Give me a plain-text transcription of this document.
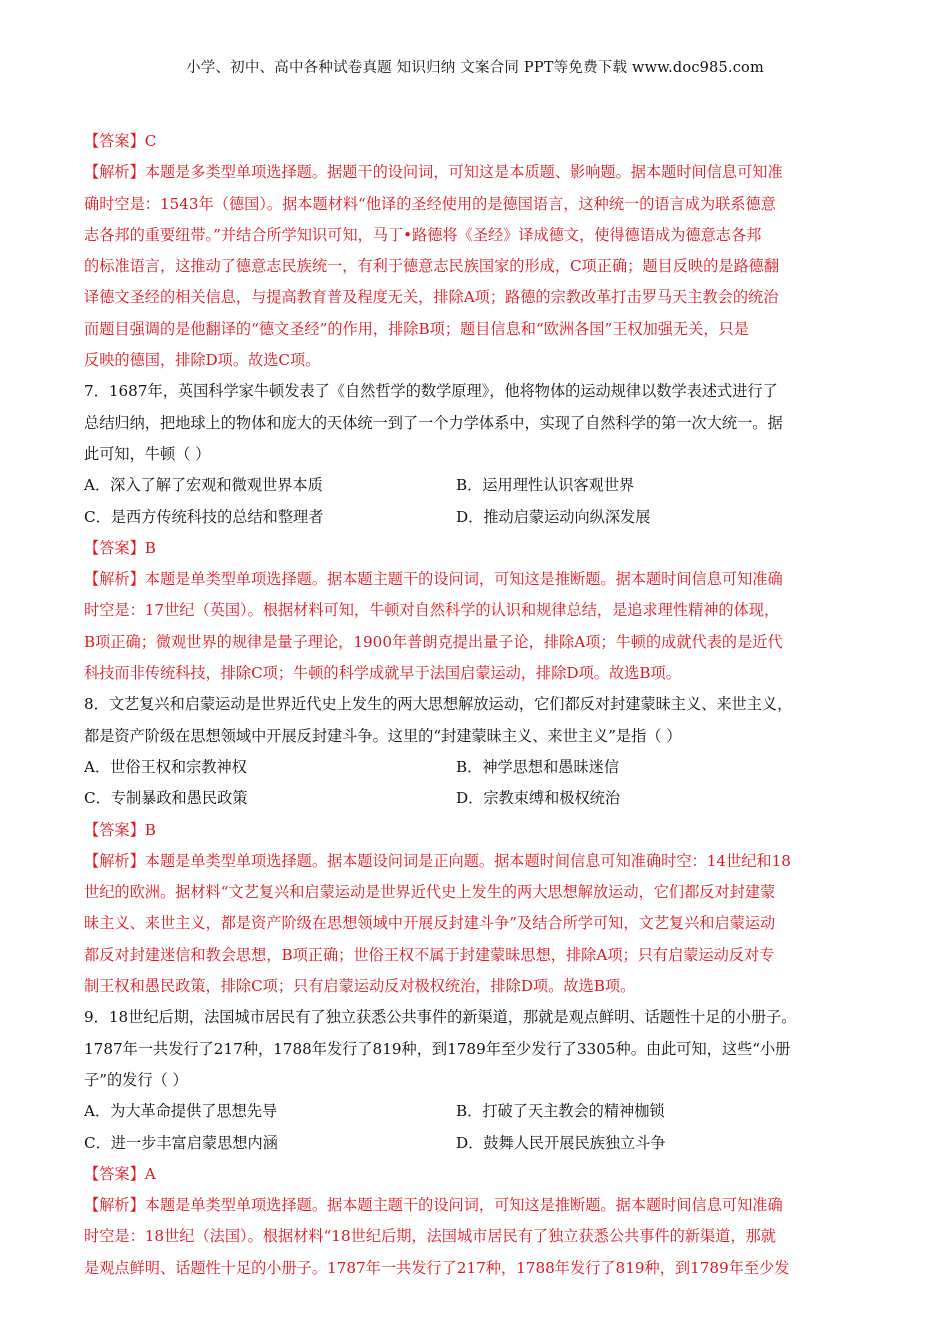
小学、初中、高中各种试卷真题 知识归纳 文案合同 PPT等免费下载 www.doc985.com
【答案】C
【解析】本题是多类型单项选择题。据题干的设问词，可知这是本质题、影响题。据本题时间信息可知准
确时空是：1543年（德国）。据本题材料“他译的圣经使用的是德国语言，这种统一的语言成为联系德意
志各邦的重要纽带。”并结合所学知识可知，马丁•路德将《圣经》译成德文，使得德语成为德意志各邦
的标准语言，这推动了德意志民族统一，有利于德意志民族国家的形成，C项正确；题目反映的是路德翻
译德文圣经的相关信息，与提高教育普及程度无关，排除A项；路德的宗教改革打击罗马天主教会的统治
而题目强调的是他翻译的“德文圣经”的作用，排除B项；题目信息和“欧洲各国”王权加强无关，只是
反映的德国，排除D项。故选C项。
7．1687年，英国科学家牛顿发表了《自然哲学的数学原理》，他将物体的运动规律以数学表述式进行了
总结归纳，把地球上的物体和庞大的天体统一到了一个力学体系中，实现了自然科学的第一次大统一。据
此可知，牛顿（ ）
A．深入了解了宏观和微观世界本质	B．运用理性认识客观世界
C．是西方传统科技的总结和整理者	D．推动启蒙运动向纵深发展
【答案】B
【解析】本题是单类型单项选择题。据本题主题干的设问词，可知这是推断题。据本题时间信息可知准确
时空是：17世纪（英国）。根据材料可知，牛顿对自然科学的认识和规律总结，是追求理性精神的体现，
B项正确；微观世界的规律是量子理论，1900年普朗克提出量子论，排除A项；牛顿的成就代表的是近代
科技而非传统科技，排除C项；牛顿的科学成就早于法国启蒙运动，排除D项。故选B项。
8．文艺复兴和启蒙运动是世界近代史上发生的两大思想解放运动，它们都反对封建蒙昧主义、来世主义，
都是资产阶级在思想领域中开展反封建斗争。这里的“封建蒙昧主义、来世主义”是指（ ）
A．世俗王权和宗教神权	B．神学思想和愚昧迷信
C．专制暴政和愚民政策	D．宗教束缚和极权统治
【答案】B
【解析】本题是单类型单项选择题。据本题设问词是正向题。据本题时间信息可知准确时空：14世纪和18
世纪的欧洲。据材料“文艺复兴和启蒙运动是世界近代史上发生的两大思想解放运动，它们都反对封建蒙
昧主义、来世主义，都是资产阶级在思想领域中开展反封建斗争”及结合所学可知，文艺复兴和启蒙运动
都反对封建迷信和教会思想，B项正确；世俗王权不属于封建蒙昧思想，排除A项；只有启蒙运动反对专
制王权和愚民政策，排除C项；只有启蒙运动反对极权统治，排除D项。故选B项。
9．18世纪后期，法国城市居民有了独立获悉公共事件的新渠道，那就是观点鲜明、话题性十足的小册子。
1787年一共发行了217种，1788年发行了819种，到1789年至少发行了3305种。由此可知，这些“小册
子”的发行（ ）
A．为大革命提供了思想先导	B．打破了天主教会的精神枷锁
C．进一步丰富启蒙思想内涵	D．鼓舞人民开展民族独立斗争
【答案】A
【解析】本题是单类型单项选择题。据本题主题干的设问词，可知这是推断题。据本题时间信息可知准确
时空是：18世纪（法国）。根据材料“18世纪后期，法国城市居民有了独立获悉公共事件的新渠道，那就
是观点鲜明、话题性十足的小册子。1787年一共发行了217种，1788年发行了819种，到1789年至少发
